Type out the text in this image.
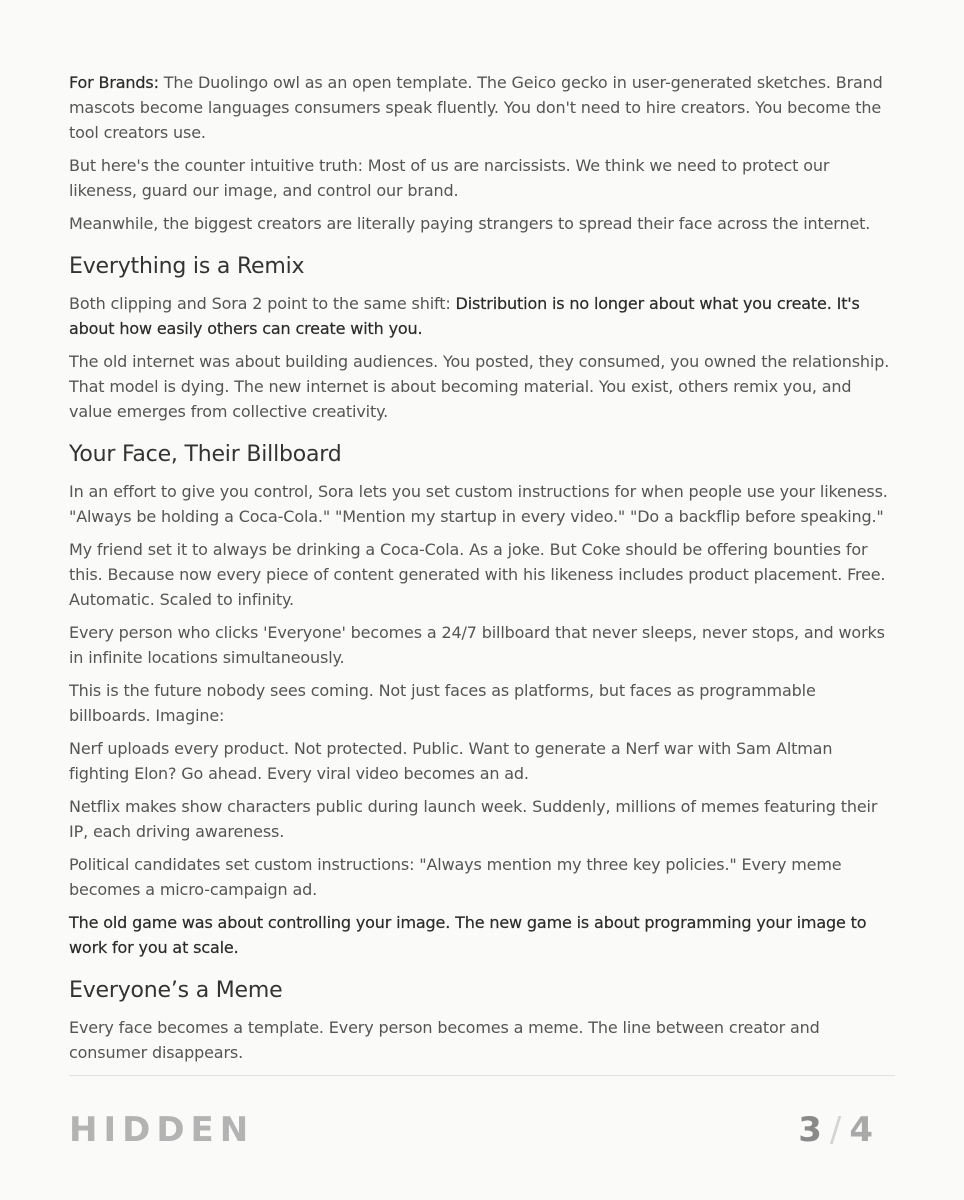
For Brands: The Duolingo owl as an open template. The Geico gecko in user-generated sketches. Brand mascots become languages consumers speak fluently. You don't need to hire creators. You become the tool creators use.

But here's the counter intuitive truth: Most of us are narcissists. We think we need to protect our likeness, guard our image, and control our brand.

Meanwhile, the biggest creators are literally paying strangers to spread their face across the internet.

Everything is a Remix

Both clipping and Sora 2 point to the same shift: Distribution is no longer about what you create. It's about how easily others can create with you.

The old internet was about building audiences. You posted, they consumed, you owned the relationship. That model is dying. The new internet is about becoming material. You exist, others remix you, and value emerges from collective creativity.

Your Face, Their Billboard

In an effort to give you control, Sora lets you set custom instructions for when people use your likeness. "Always be holding a Coca-Cola." "Mention my startup in every video." "Do a backflip before speaking."

My friend set it to always be drinking a Coca-Cola. As a joke. But Coke should be offering bounties for this. Because now every piece of content generated with his likeness includes product placement. Free. Automatic. Scaled to infinity.

Every person who clicks 'Everyone' becomes a 24/7 billboard that never sleeps, never stops, and works in infinite locations simultaneously.

This is the future nobody sees coming. Not just faces as platforms, but faces as programmable billboards. Imagine:

Nerf uploads every product. Not protected. Public. Want to generate a Nerf war with Sam Altman fighting Elon? Go ahead. Every viral video becomes an ad.

Netflix makes show characters public during launch week. Suddenly, millions of memes featuring their IP, each driving awareness.

Political candidates set custom instructions: "Always mention my three key policies." Every meme becomes a micro-campaign ad.

The old game was about controlling your image. The new game is about programming your image to work for you at scale.

Everyone’s a Meme

Every face becomes a template. Every person becomes a meme. The line between creator and consumer disappears.

HIDDEN	3 / 4
